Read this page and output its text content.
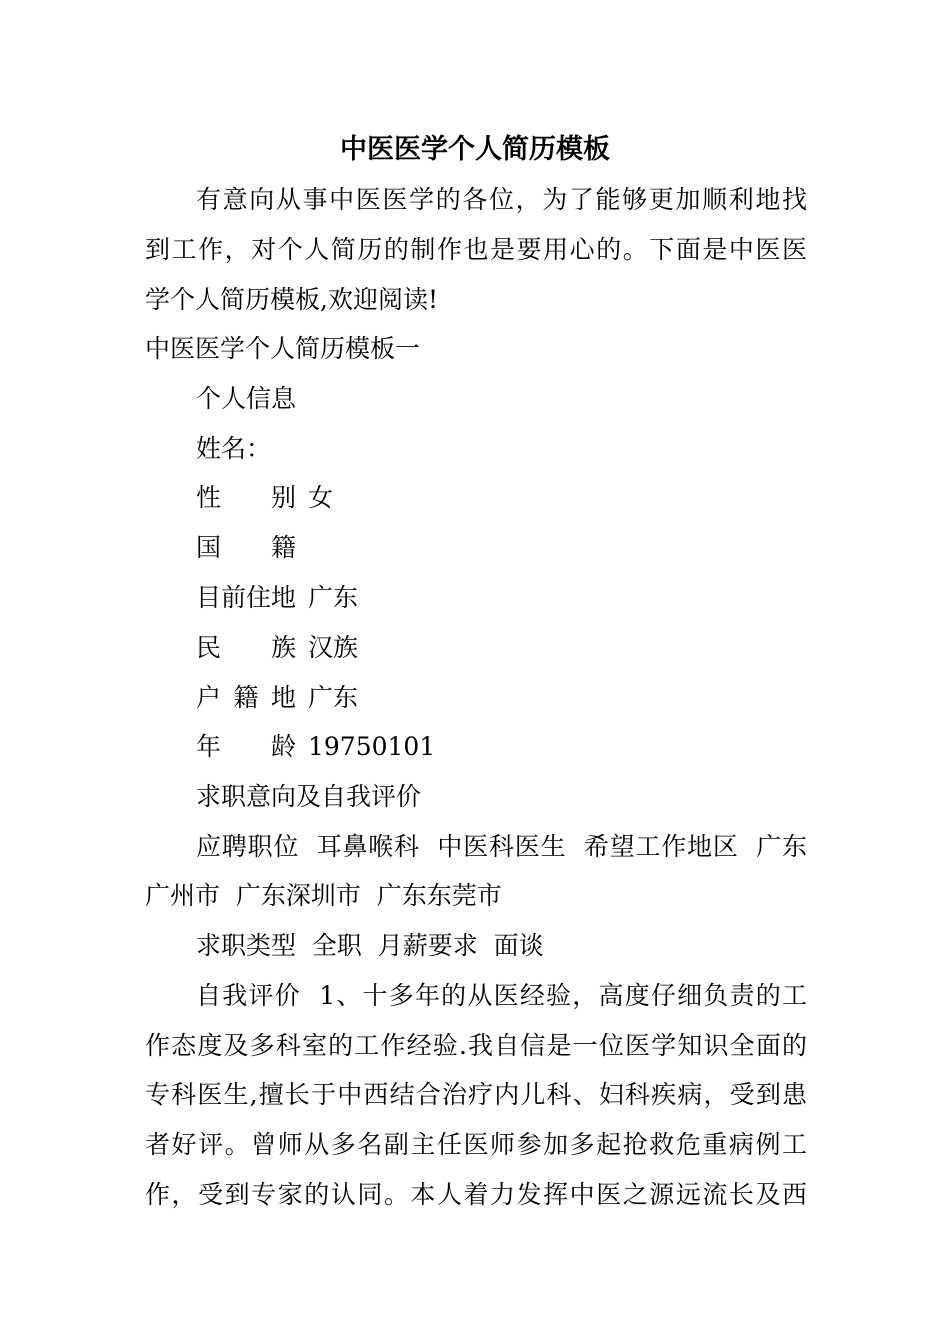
中医医学个人简历模板
有意向从事中医医学的各位，为了能够更加顺利地找
到工作，对个人简历的制作也是要用心的。下面是中医医
学个人简历模板,欢迎阅读!
中医医学个人简历模板一
个人信息
姓名：
性　别 女
国　籍
目前住地 广东
民　族 汉族
户籍地 广东
年　龄 19750101
求职意向及自我评价
应聘职位  耳鼻喉科  中医科医生  希望工作地区  广东
广州市  广东深圳市  广东东莞市
求职类型  全职  月薪要求  面谈
自我评价  1、十多年的从医经验，高度仔细负责的工
作态度及多科室的工作经验.我自信是一位医学知识全面的
专科医生,擅长于中西结合治疗内儿科、妇科疾病，受到患
者好评。曾师从多名副主任医师参加多起抢救危重病例工
作，受到专家的认同。本人着力发挥中医之源远流长及西
